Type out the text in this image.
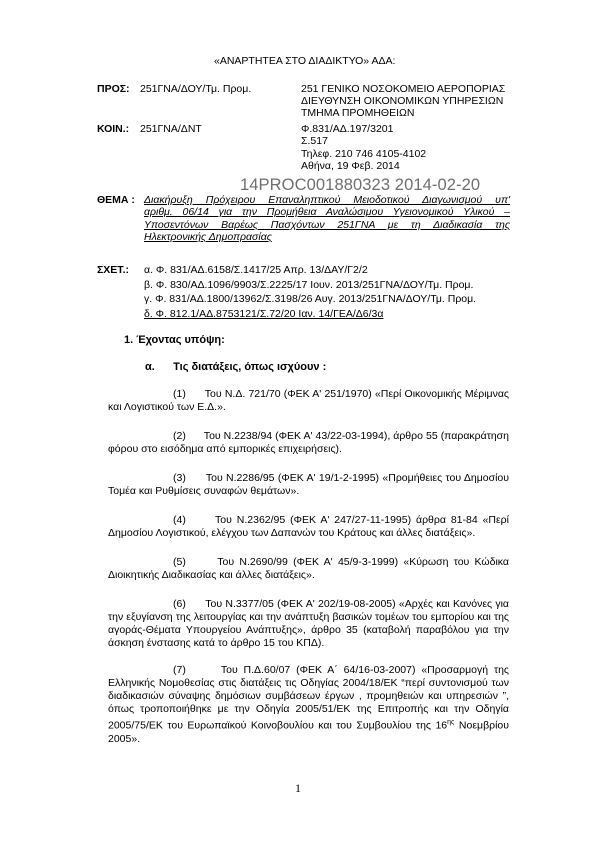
«ΑΝΑΡΤΗΤΕΑ ΣΤΟ ΔΙΑΔΙΚΤΥΟ» ΑΔΑ:
ΠΡΟΣ: 251ΓΝΑ/ΔΟΥ/Τμ. Προμ.	251 ΓΕΝΙΚΟ ΝΟΣΟΚΟΜΕΙΟ ΑΕΡΟΠΟΡΙΑΣ
ΔΙΕΥΘΥΝΣΗ ΟΙΚΟΝΟΜΙΚΩΝ ΥΠΗΡΕΣΙΩΝ
ΤΜΗΜΑ ΠΡΟΜΗΘΕΙΩΝ
ΚΟΙΝ.: 251ΓΝΑ/ΔΝΤ	Φ.831/ΑΔ.197/3201
Σ.517
Τηλεφ. 210 746 4105-4102
Αθήνα, 19 Φεβ. 2014
14PROC001880323 2014-02-20
ΘΕΜΑ : Διακήρυξη Πρόχειρου Επαναληπτικού Μειοδοτικού Διαγωνισμού υπ'
αριθμ. 06/14 για την Προμήθεια Αναλώσιμου Υγειονομικού Υλικού –
Υποσεντόνων Βαρέως Πασχόντων 251ΓΝΑ με τη Διαδικασία της
Ηλεκτρονικής Δημοπρασίας
ΣΧΕΤ.: α. Φ. 831/ΑΔ.6158/Σ.1417/25 Απρ. 13/ΔΑΥ/Γ2/2
β. Φ. 830/ΑΔ.1096/9903/Σ.2225/17 Ιουν. 2013/251ΓΝΑ/ΔΟΥ/Τμ. Προμ.
γ. Φ. 831/ΑΔ.1800/13962/Σ.3198/26 Αυγ. 2013/251ΓΝΑ/ΔΟΥ/Τμ. Προμ.
δ. Φ. 812.1/ΑΔ.8753121/Σ.72/20 Ιαν. 14/ΓΕΑ/Δ6/3α
1. Έχοντας υπόψη:
α.      Τις διατάξεις, όπως ισχύουν :
(1)      Του Ν.Δ. 721/70 (ΦΕΚ Α' 251/1970) «Περί Οικονομικής Μέριμνας και Λογιστικού των Ε.Δ.».
(2)      Του Ν.2238/94 (ΦΕΚ Α' 43/22-03-1994), άρθρο 55 (παρακράτηση φόρου στο εισόδημα από εμπορικές επιχειρήσεις).
(3)      Του Ν.2286/95 (ΦΕΚ Α' 19/1-2-1995) «Προμήθειες του Δημοσίου Τομέα και Ρυθμίσεις συναφών θεμάτων».
(4)      Του Ν.2362/95 (ΦΕΚ Α' 247/27-11-1995) άρθρα 81-84 «Περί Δημοσίου Λογιστικού, ελέγχου των Δαπανών του Κράτους και άλλες διατάξεις».
(5)      Του Ν.2690/99 (ΦΕΚ Α' 45/9-3-1999) «Κύρωση του Κώδικα Διοικητικής Διαδικασίας και άλλες διατάξεις».
(6)      Του Ν.3377/05 (ΦΕΚ Α' 202/19-08-2005) «Αρχές και Κανόνες για την εξυγίανση της λειτουργίας και την ανάπτυξη βασικών τομέων του εμπορίου και της αγοράς-Θέματα Υπουργείου Ανάπτυξης», άρθρο 35 (καταβολή παραβόλου για την άσκηση ένστασης κατά το άρθρο 15 του ΚΠΔ).
(7)      Του Π.Δ.60/07 (ΦΕΚ Α΄ 64/16-03-2007) «Προσαρμογή της Ελληνικής Νομοθεσίας στις διατάξεις τις Οδηγίας 2004/18/ΕΚ “περί συντονισμού των διαδικασιών σύναψης δημόσιων συμβάσεων έργων , προμηθειών και υπηρεσιών ”, όπως τροποποιήθηκε με την Οδηγία 2005/51/ΕΚ της Επιτροπής και την Οδηγία 2005/75/ΕΚ του Ευρωπαϊκού Κοινοβουλίου και του Συμβουλίου της $16^{\eta\varsigma}$ Νοεμβρίου 2005».
1
